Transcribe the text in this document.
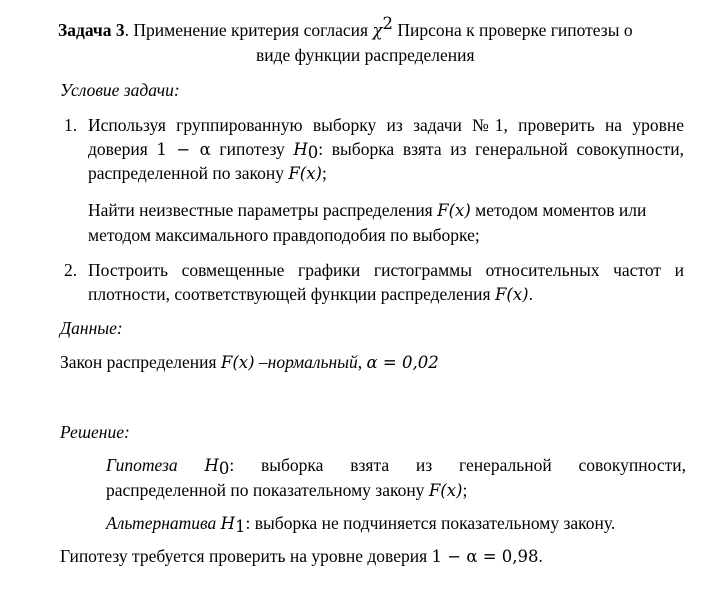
Задача 3. Применение критерия согласия $\chi^2$ Пирсона к проверке гипотезы о
виде функции распределения
Условие задачи:
1. Используя группированную выборку из задачи №1, проверить на уровне
доверия 1 − α гипотезу $H_0$: выборка взята из генеральной совокупности,
распределенной по закону F(x);
Найти неизвестные параметры распределения F(x) методом моментов или
методом максимального правдоподобия по выборке;
2. Построить совмещенные графики гистограммы относительных частот и
плотности, соответствующей функции распределения F(x).
Данные:
Закон распределения F(x) –нормальный, α = 0,02
Решение:
Гипотеза $H_0$: выборка взята из генеральной совокупности,
распределенной по показательному закону F(x);
Альтернатива $H_1$: выборка не подчиняется показательному закону.
Гипотезу требуется проверить на уровне доверия 1 − α = 0,98.
